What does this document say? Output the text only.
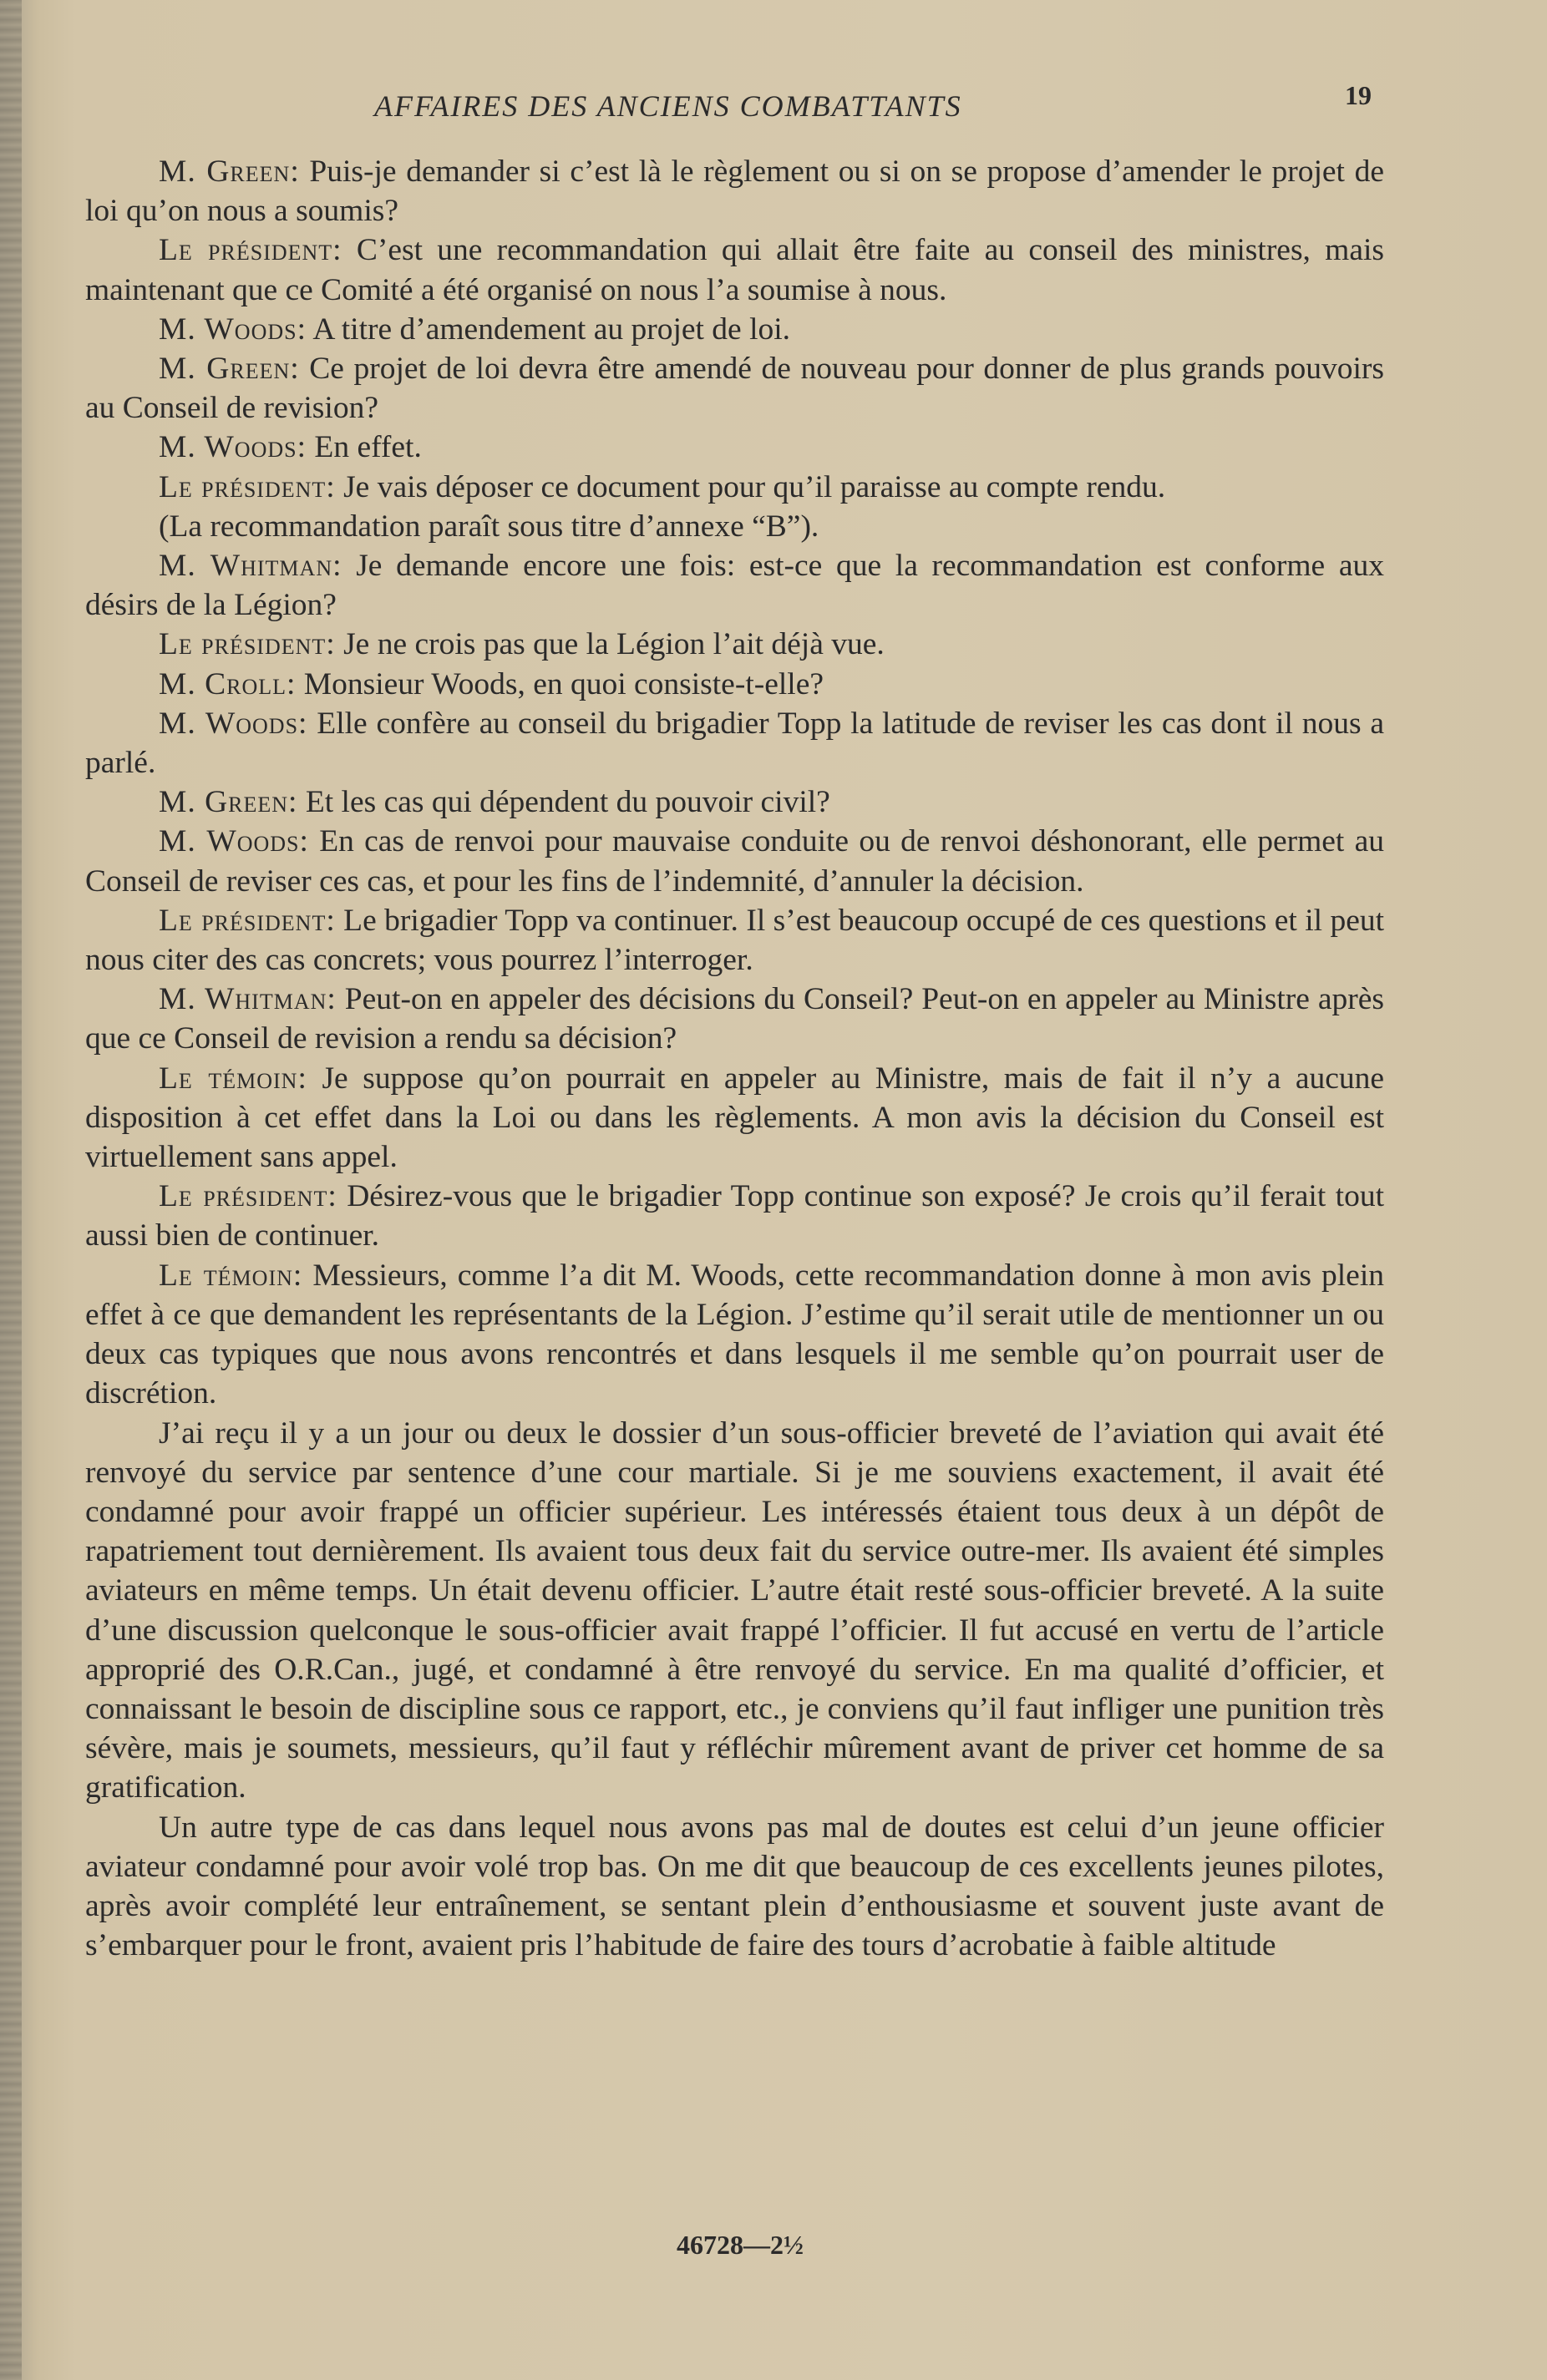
AFFAIRES DES ANCIENS COMBATTANTS	19

M. Green: Puis-je demander si c’est là le règlement ou si on se propose d’amender le projet de loi qu’on nous a soumis?

Le président: C’est une recommandation qui allait être faite au conseil des ministres, mais maintenant que ce Comité a été organisé on nous l’a soumise à nous.

M. Woods: A titre d’amendement au projet de loi.

M. Green: Ce projet de loi devra être amendé de nouveau pour donner de plus grands pouvoirs au Conseil de revision?

M. Woods: En effet.

Le président: Je vais déposer ce document pour qu’il paraisse au compte rendu.

(La recommandation paraît sous titre d’annexe “B”).

M. Whitman: Je demande encore une fois: est-ce que la recommandation est conforme aux désirs de la Légion?

Le président: Je ne crois pas que la Légion l’ait déjà vue.

M. Croll: Monsieur Woods, en quoi consiste-t-elle?

M. Woods: Elle confère au conseil du brigadier Topp la latitude de reviser les cas dont il nous a parlé.

M. Green: Et les cas qui dépendent du pouvoir civil?

M. Woods: En cas de renvoi pour mauvaise conduite ou de renvoi déshonorant, elle permet au Conseil de reviser ces cas, et pour les fins de l’indemnité, d’annuler la décision.

Le président: Le brigadier Topp va continuer. Il s’est beaucoup occupé de ces questions et il peut nous citer des cas concrets; vous pourrez l’interroger.

M. Whitman: Peut-on en appeler des décisions du Conseil? Peut-on en appeler au Ministre après que ce Conseil de revision a rendu sa décision?

Le témoin: Je suppose qu’on pourrait en appeler au Ministre, mais de fait il n’y a aucune disposition à cet effet dans la Loi ou dans les règlements. A mon avis la décision du Conseil est virtuellement sans appel.

Le président: Désirez-vous que le brigadier Topp continue son exposé? Je crois qu’il ferait tout aussi bien de continuer.

Le témoin: Messieurs, comme l’a dit M. Woods, cette recommandation donne à mon avis plein effet à ce que demandent les représentants de la Légion. J’estime qu’il serait utile de mentionner un ou deux cas typiques que nous avons rencontrés et dans lesquels il me semble qu’on pourrait user de discrétion.

J’ai reçu il y a un jour ou deux le dossier d’un sous-officier breveté de l’aviation qui avait été renvoyé du service par sentence d’une cour martiale. Si je me souviens exactement, il avait été condamné pour avoir frappé un officier supérieur. Les intéressés étaient tous deux à un dépôt de rapatriement tout dernièrement. Ils avaient tous deux fait du service outre-mer. Ils avaient été simples aviateurs en même temps. Un était devenu officier. L’autre était resté sous-officier breveté. A la suite d’une discussion quelconque le sous-officier avait frappé l’officier. Il fut accusé en vertu de l’article approprié des O.R.Can., jugé, et condamné à être renvoyé du service. En ma qualité d’officier, et connaissant le besoin de discipline sous ce rapport, etc., je conviens qu’il faut infliger une punition très sévère, mais je soumets, messieurs, qu’il faut y réfléchir mûrement avant de priver cet homme de sa gratification.

Un autre type de cas dans lequel nous avons pas mal de doutes est celui d’un jeune officier aviateur condamné pour avoir volé trop bas. On me dit que beaucoup de ces excellents jeunes pilotes, après avoir complété leur entraînement, se sentant plein d’enthousiasme et souvent juste avant de s’embarquer pour le front, avaient pris l’habitude de faire des tours d’acrobatie à faible altitude

46728—2½
